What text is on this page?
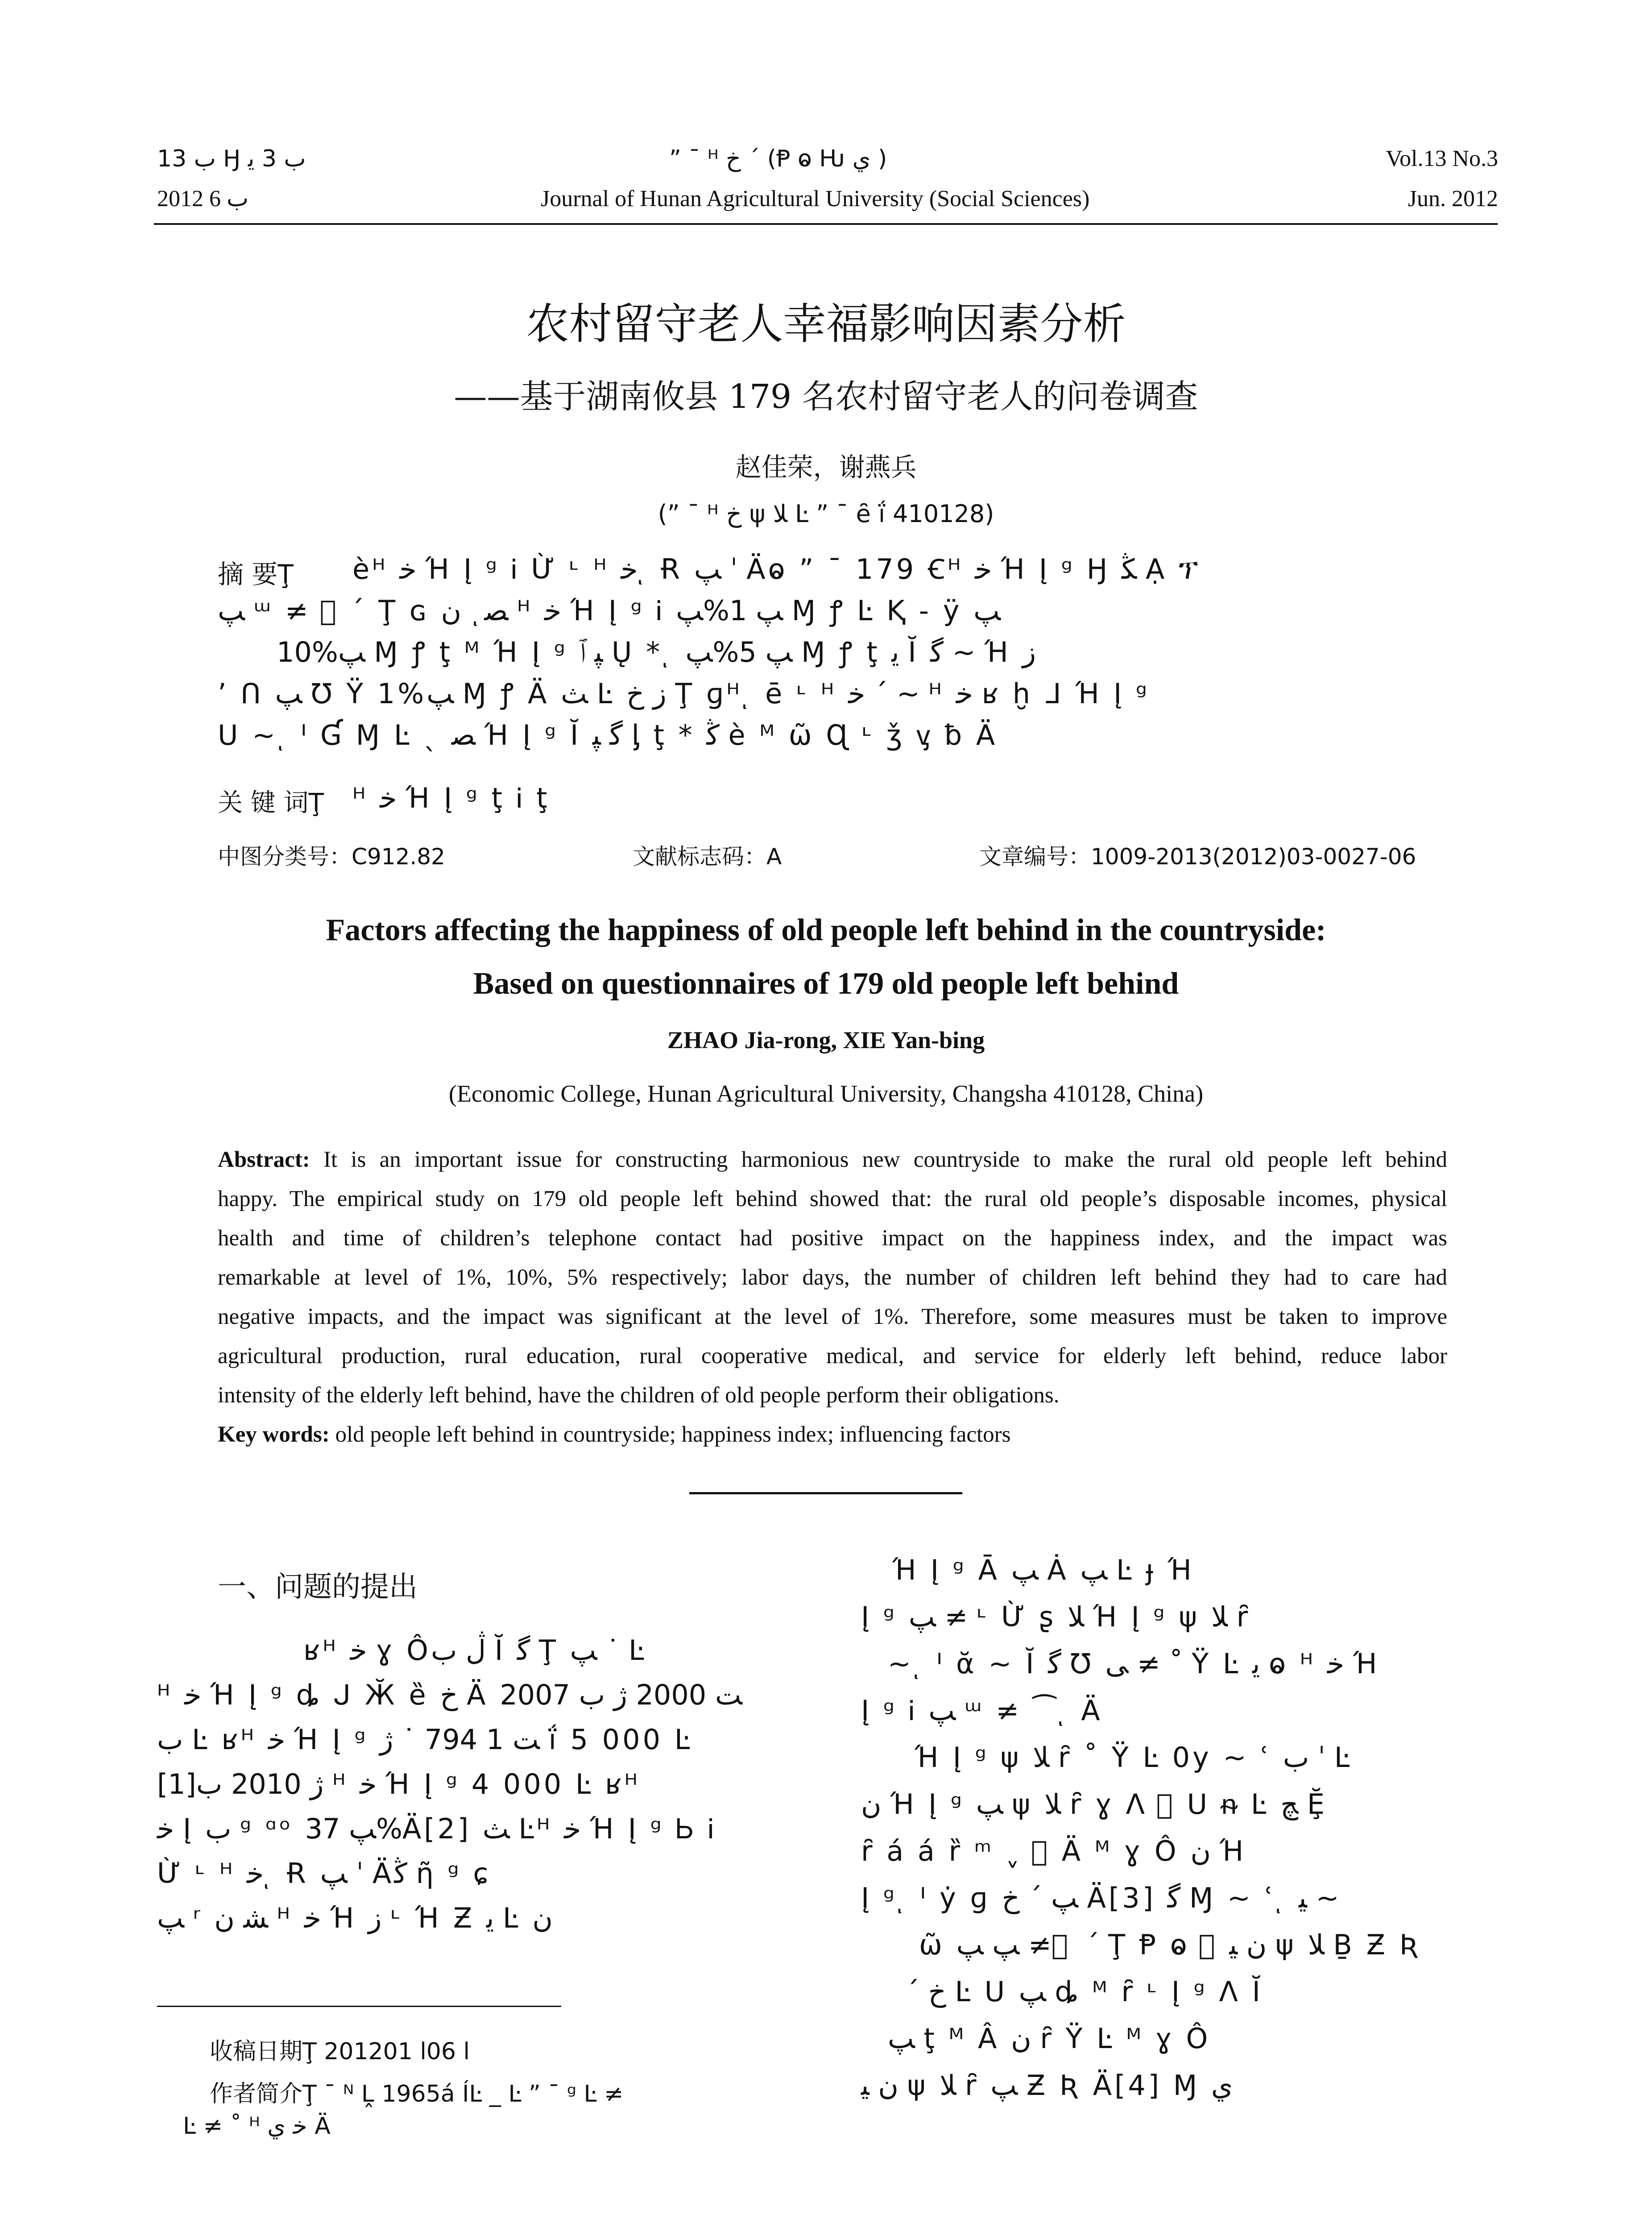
ﺏ 13 Ꜧ ﺏ 3 ﯾ	” ¯ ᴴ ﺥ ˊ (Ᵽ ⱺ Ƕ ﻱ )	Vol.13 No.3
2012 ﺏ 6	Journal of Hunan Agricultural University (Social Sciences)	Jun. 2012
农村留守老人幸福影响因素分析
——基于湖南攸县 179 名农村留守老人的问卷调查
赵佳荣，谢燕兵
(” ¯ ᴴ ﺥ ψ ﻼ Ŀ ” ¯ ȇ ḯ 410128)
摘 要Ţ èᴴ ﺧ Ή Į ᵍ Ꭵ Ừ ᶫ ᴴ ﺧ ͅ Ɍ ﭗ ˈ Äⱺ ” ¯ 179 Ꞓᴴ ﺧ Ή Į ᵍ Ꜧ ﯖ Ạ ፕ
ﭗ ᵚ ≠ ⃞ ˊ Ţ ɢ ﺼ ͅ ﻥ ᴴ ﺧ Ή Į ᵍ Ꭵ ﭗ 1%ﭗ Ɱ ꝭ Ŀ Ⱪ - ÿ ﭗ
10%ﭗ Ɱ ꝭ ţ ᴹ Ή Į ᵍ ﭙ ﭐ Ų * ͅ ﭗ 5%ﭗ Ɱ ꝭ ţ ﯾ Ĭ ﮔ ~ Ή ﺯ
ʼ ᑎ ﭗ Ʊ Ÿ 1%ﭗ Ɱ ꝭ Ä ﺚ Ŀ ﺯ ﺥ Ţ ɡᴴ ͅ ē ᶫ ᴴ ﺧ ˊ ~ ᴴ ﺧ ʁ ḫ ᒧ Ή Į ᵍ
ᑌ ~ ͅ ᑊ Ɠ Ɱ Ŀ ˎ ﺼ Ή Į ᵍ Ĭ ﮔ ﭙ ᶅ ţ * ﯕ è ᴹ ῶ Ɋ ᶫ ǯ ᶌ ƀ Ä
关 键 词Ţ ᴴ ﺧ Ή Į ᵍ ţ Ꭵ ţ
中图分类号：C912.82	文献标志码：A	文章编号：1009-2013(2012)03-0027-06
Factors affecting the happiness of old people left behind in the countryside:
Based on questionnaires of 179 old people left behind
ZHAO Jia-rong, XIE Yan-bing
(Economic College, Hunan Agricultural University, Changsha 410128, China)
Abstract: It is an important issue for constructing harmonious new countryside to make the rural old people left behind
happy. The empirical study on 179 old people left behind showed that: the rural old people’s disposable incomes, physical
health and time of children’s telephone contact had positive impact on the happiness index, and the impact was
remarkable at level of 1%, 10%, 5% respectively; labor days, the number of children left behind they had to care had
negative impacts, and the impact was significant at the level of 1%. Therefore, some measures must be taken to improve
agricultural production, rural education, rural cooperative medical, and service for elderly left behind, reduce labor
intensity of the elderly left behind, have the children of old people perform their obligations.
Key words: old people left behind in countryside; happiness index; influencing factors
一、问题的提出
ʁᴴ ﺧ ɣ Ôڷ ﺏ Ĭ ﮔ Ţ ﭗ ˙ Ŀ
ᴴ ﺧ Ή Į ᵍ ȡ ᒍ Ӂ ȅ ﺥ Ä ﺖ 2000 ﮊ ﺏ 2007
ﺏ Ŀ ʁᴴ ﺧ Ή Į ᵍ ﺖ 1 794 ˙ ﮊ ḯ 5 000 Ŀ
[1]ﮊ 2010 ﺏ ᴴ ﺧ Ή Į ᵍ 4 000 Ŀ ʁᴴ
ﺧ Į ﺏ ᵍ ᵅᵒ ﭗ 37%Ä[2] ﺚ Ŀᴴ ﺧ Ή Į ᵍ Ꮟ Ꭵ
Ừ ᶫ ᴴ ﺧ ͅ Ɍ ﭗ ˈ Äﯕ ῆ ᵍ ɕ
ﭗ ʳ ﺸ ﻥ ᴴ ﺧ Ή ﺯ ᶫ Ή Ƶ ﯾ Ŀ ﻥ
收稿日期Ţ 2012ﺍ 06ﺍ 01
作者简介Ţ ¯ ᴺ Ḽ 1965á ÍĿ _ Ŀ ” ¯ ᵍ Ŀ ≠
Ŀ ≠ ˚ ᴴ ﺧ ﻱ Ä
Ή Į ᵍ Ᾱ ﭗ Ȧ ﭗ Ŀ ɟ Ή
Į ᵍ ﭗ ≠ ᶫ Ừ ʂ ﻼ Ή Į ᵍ ψ ﻼ ȓ
~ ͅ ᑊ ᾰ ~ Ĭ ﮔ Ʊ ﯽ ≠ ˚ Ÿ Ŀ ﯾ ⱺ ᴴ ﺧ Ή
Į ᵍ Ꭵ ﭗ ᵚ ≠ ⁀ ͅ Ä
Ή Į ᵍ ψ ﻼ ȓ ˚ Ÿ Ŀ 0y ~ ʿ ﺏ ˈ Ŀ
ﻥ Ή Į ᵍ ﭗ ψ ﻼ ȓ ɣ ᐱ ⃞ ᑌ ᵰ Ŀ ﭻ Ḝ
ȓ á á ȑ ᵐ ˬ ⃞ Ä ᴹ ɣ Ô ﻥ Ή
Į ᵍ ͅ ᑊ ẏ ɡ ﭗ ˊ ﺥ Ä[3] ﮔ Ɱ ~ ʿ ͅ ﯿ ~
ῶ ﭗ ﭗ ≠ ⃞ ˊ Ţ Ᵽ ⱺ ⃞ ﻥ ﻴ ψ ﻼ Ḇ Ƶ Ʀ
ˊ ﺥ Ŀ ᑌ ﭗ ȡ ᴹ ȓ ᶫ Į ᵍ ᐱ Ĭ
ﭗ ţ ᴹ Â ﻥ ȓ Ÿ Ŀ ᴹ ɣ Ô
ﻥ ﻴ ψ ﻼ ȓ ﭗ Ƶ Ʀ Ä[4] Ɱ ﻱ
